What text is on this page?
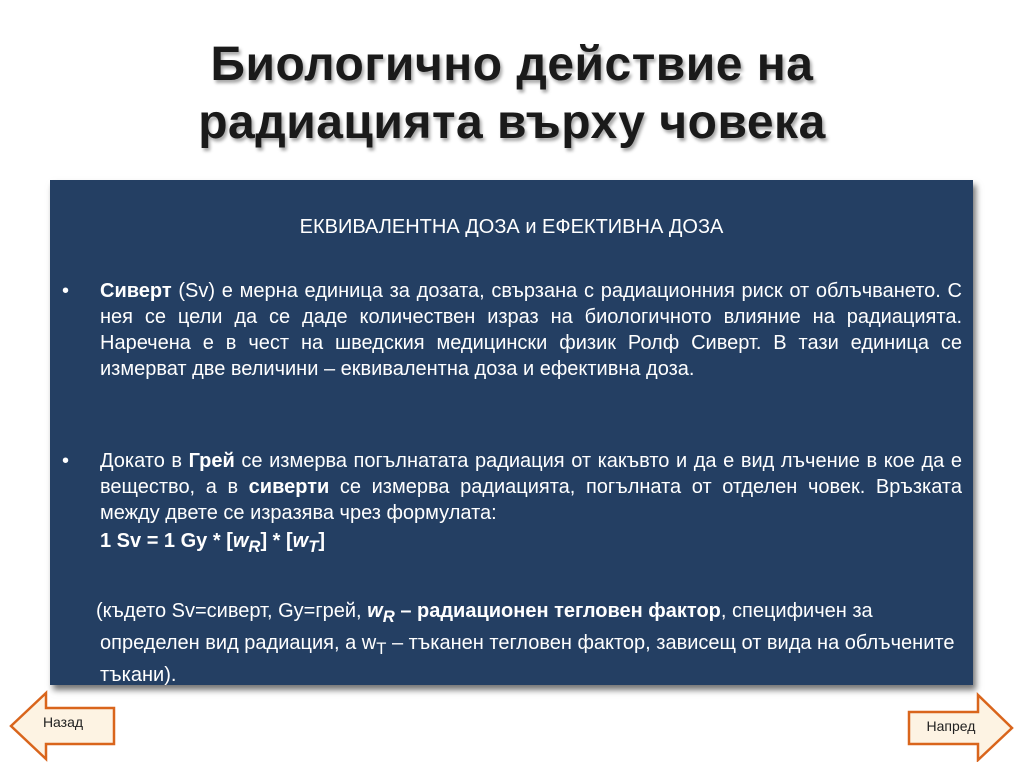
Биологично действие на
радиацията върху човека
ЕКВИВАЛЕНТНА ДОЗА и ЕФЕКТИВНА ДОЗА
• Сиверт (Sv) е мерна единица за дозата, свързана с радиационния риск от облъчването. С нея се цели да се даде количествен израз на биологичното влияние на радиацията. Наречена е в чест на шведския медицински физик Ролф Сиверт. В тази единица се измерват две величини – еквивалентна доза и ефективна доза.
• Докато в Грей се измерва погълнатата радиация от какъвто и да е вид лъчение в кое да е вещество, а в сиверти се измерва радиацията, погълната от отделен човек. Връзката между двете се изразява чрез формулата:
1 Sv = 1 Gy * $[w_R] * [w_T]$
(където Sv=сиверт, Gy=грей, $w_R$ – радиационен тегловен фактор, специфичен за определен вид радиация, а $w_T$ – тъканен тегловен фактор, зависещ от вида на облъчените тъкани).
Назад	Напред
